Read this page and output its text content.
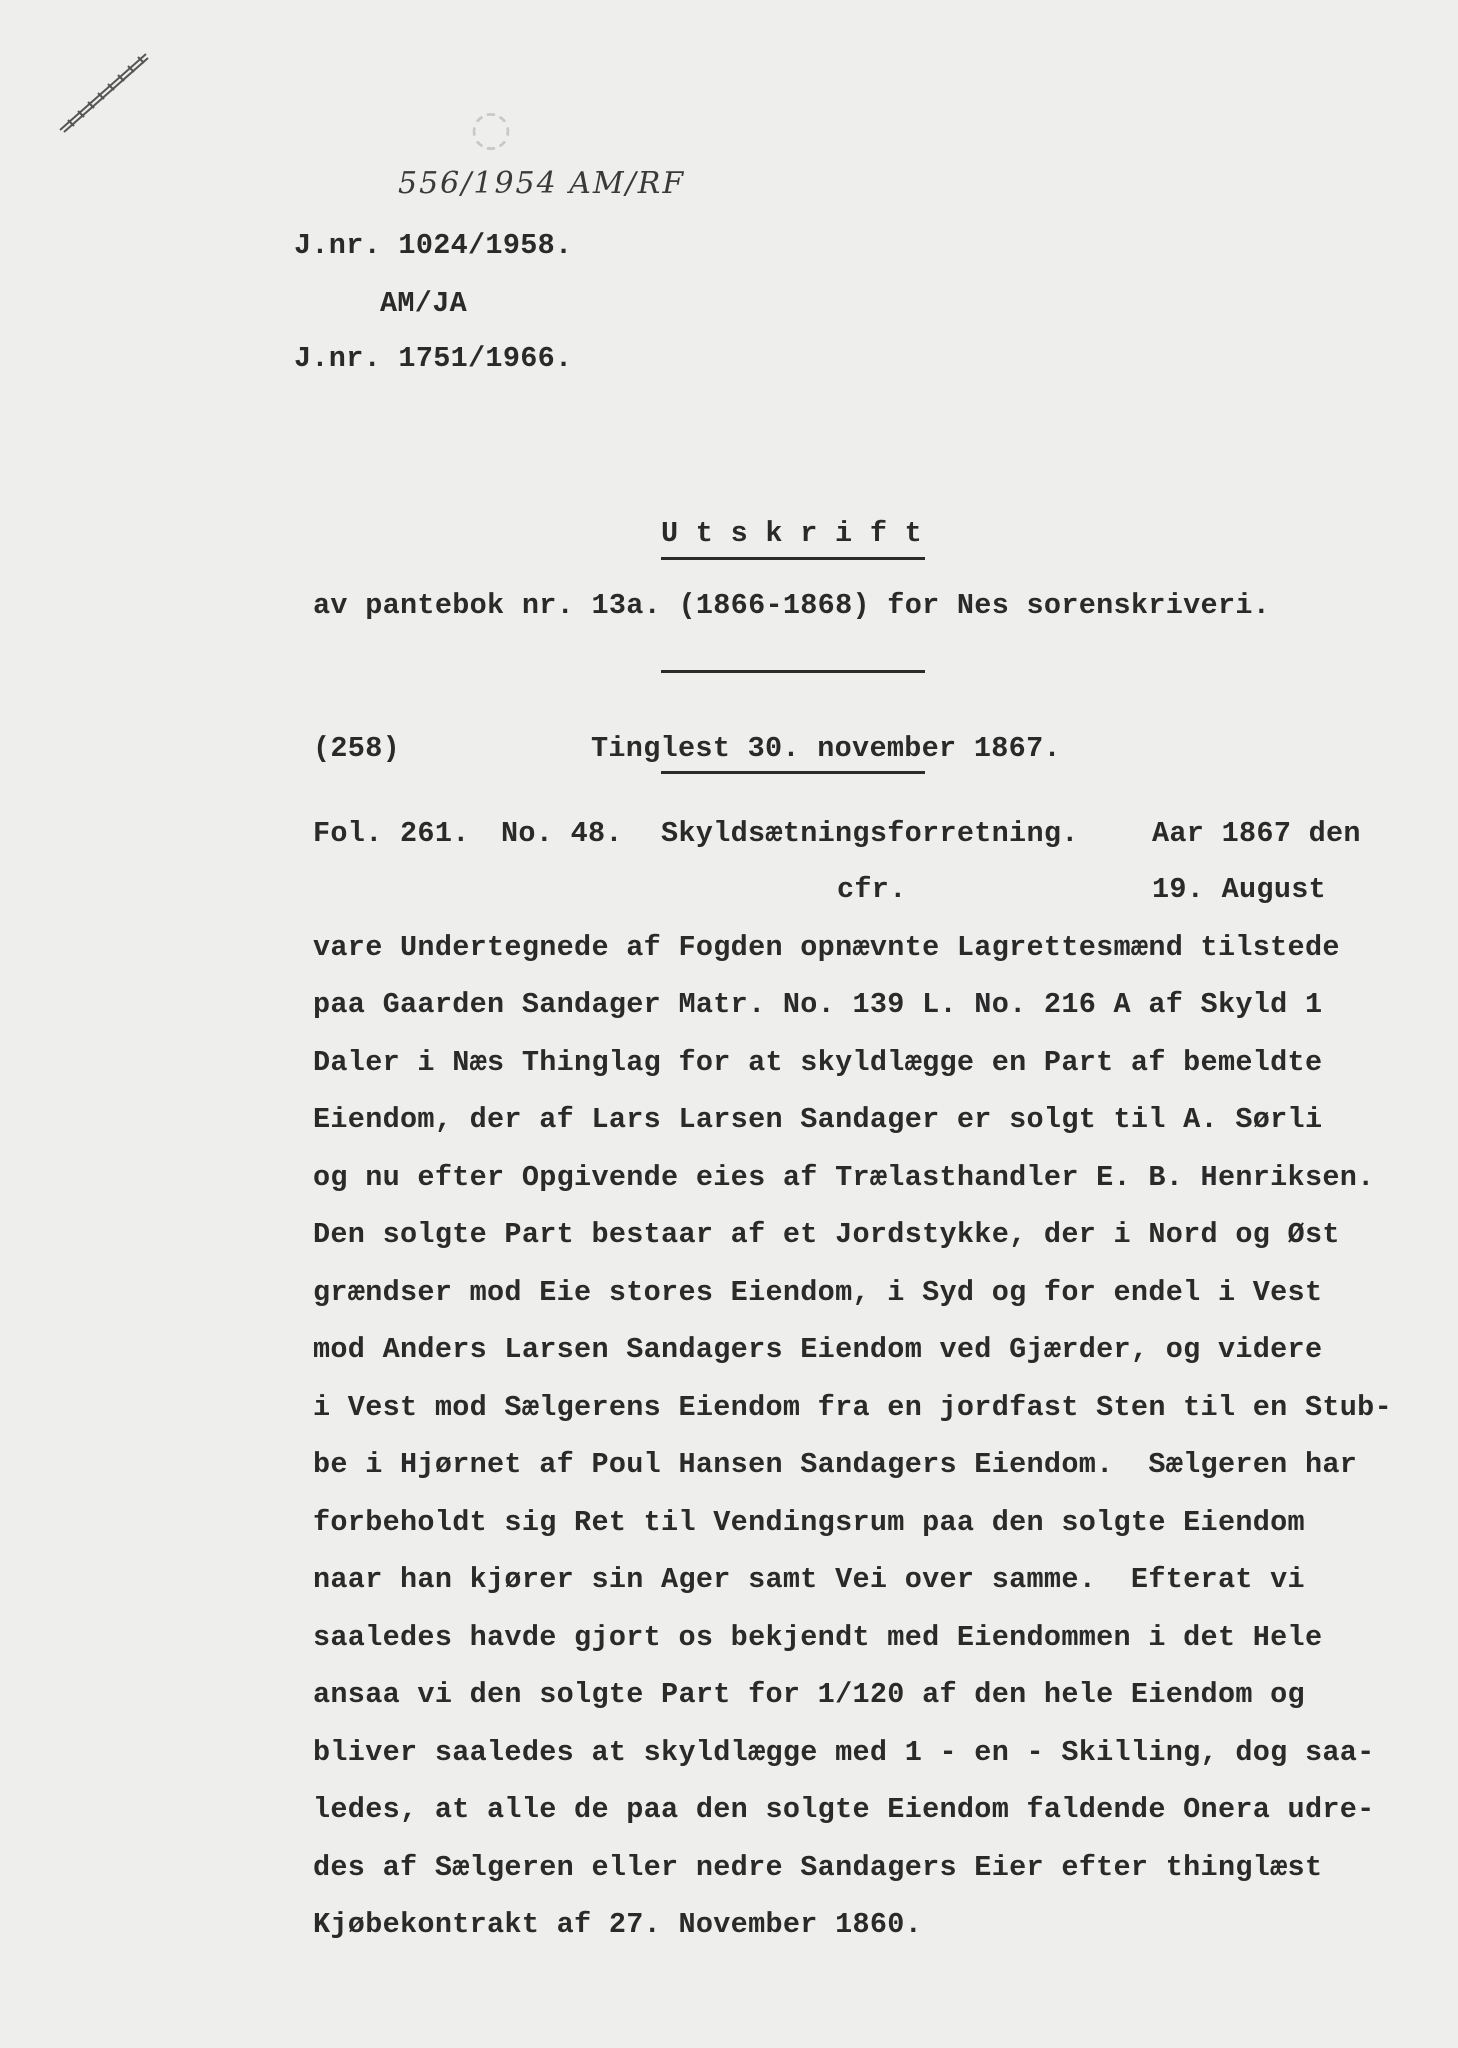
◌
556/1954 AM/RF
J.nr. 1024/1958.
AM/JA
J.nr. 1751/1966.
U t s k r i f t
av pantebok nr. 13a. (1866-1868) for Nes sorenskriveri.
(258)	Tinglest 30. november 1867.
Fol. 261. No. 48. Skyldsætningsforretning.	Aar 1867 den
cfr.	19. August
vare Undertegnede af Fogden opnævnte Lagrettesmænd tilstede
paa Gaarden Sandager Matr. No. 139 L. No. 216 A af Skyld 1
Daler i Næs Thinglag for at skyldlægge en Part af bemeldte
Eiendom, der af Lars Larsen Sandager er solgt til A. Sørli
og nu efter Opgivende eies af Trælasthandler E. B. Henriksen.
Den solgte Part bestaar af et Jordstykke, der i Nord og Øst
grændser mod Eie stores Eiendom, i Syd og for endel i Vest
mod Anders Larsen Sandagers Eiendom ved Gjærder, og videre
i Vest mod Sælgerens Eiendom fra en jordfast Sten til en Stub-
be i Hjørnet af Poul Hansen Sandagers Eiendom.  Sælgeren har
forbeholdt sig Ret til Vendingsrum paa den solgte Eiendom
naar han kjører sin Ager samt Vei over samme.  Efterat vi
saaledes havde gjort os bekjendt med Eiendommen i det Hele
ansaa vi den solgte Part for 1/120 af den hele Eiendom og
bliver saaledes at skyldlægge med 1 - en - Skilling, dog saa-
ledes, at alle de paa den solgte Eiendom faldende Onera udre-
des af Sælgeren eller nedre Sandagers Eier efter thinglæst
Kjøbekontrakt af 27. November 1860.
